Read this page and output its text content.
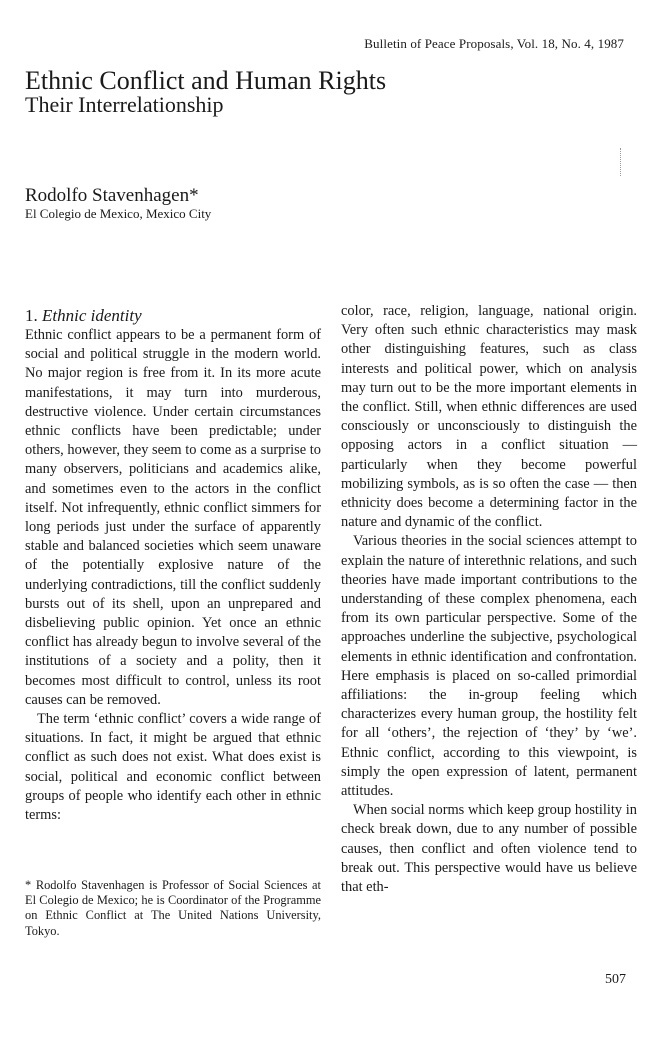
Bulletin of Peace Proposals, Vol. 18, No. 4, 1987
Ethnic Conflict and Human Rights
Their Interrelationship
Rodolfo Stavenhagen*
El Colegio de Mexico, Mexico City
1. Ethnic identity

Ethnic conflict appears to be a permanent form of social and political struggle in the modern world. No major region is free from it. In its more acute manifestations, it may turn into murderous, destructive violence. Under certain circumstances ethnic conflicts have been predictable; under others, however, they seem to come as a surprise to many observers, politicians and academics alike, and sometimes even to the actors in the conflict itself. Not infrequently, ethnic conflict simmers for long periods just under the surface of apparently stable and balanced societies which seem unaware of the potentially explosive nature of the underlying contradictions, till the conflict suddenly bursts out of its shell, upon an unprepared and disbelieving public opinion. Yet once an ethnic conflict has already begun to involve several of the institutions of a society and a polity, then it becomes most difficult to control, unless its root causes can be removed.

The term ‘ethnic conflict’ covers a wide range of situations. In fact, it might be argued that ethnic conflict as such does not exist. What does exist is social, political and economic conflict between groups of people who identify each other in ethnic terms:

color, race, religion, language, national origin. Very often such ethnic characteristics may mask other distinguishing features, such as class interests and political power, which on analysis may turn out to be the more important elements in the conflict. Still, when ethnic differences are used consciously or unconsciously to distinguish the opposing actors in a conflict situation — particularly when they become powerful mobilizing symbols, as is so often the case — then ethnicity does become a determining factor in the nature and dynamic of the conflict.

Various theories in the social sciences attempt to explain the nature of interethnic relations, and such theories have made important contributions to the understanding of these complex phenomena, each from its own particular perspective. Some of the approaches underline the subjective, psychological elements in ethnic identification and confrontation. Here emphasis is placed on so-called primordial affiliations: the in-group feeling which characterizes every human group, the hostility felt for all ‘others’, the rejection of ‘they’ by ‘we’. Ethnic conflict, according to this viewpoint, is simply the open expression of latent, permanent attitudes.

When social norms which keep group hostility in check break down, due to any number of possible causes, then conflict and often violence tend to break out. This perspective would have us believe that eth-

* Rodolfo Stavenhagen is Professor of Social Sciences at El Colegio de Mexico; he is Coordinator of the Programme on Ethnic Conflict at The United Nations University, Tokyo.
507
